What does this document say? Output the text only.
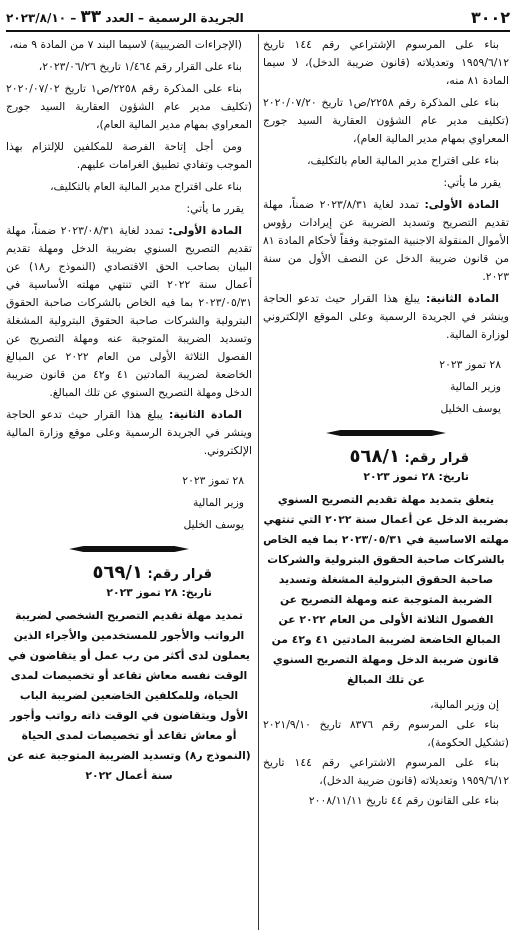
٣٠٠٢
الجريدة الرسمية – العدد ٣٣ – ٢٠٢٣/٨/١٠

بناء على المرسوم الإشتراعي رقم ١٤٤ تاريخ ١٩٥٩/٦/١٢ وتعديلاته (قانون ضريبة الدخل)، لا سيما المادة ٨١ منه،

بناء على المذكرة رقم ٢٢٥٨/ص١ تاريخ ٢٠٢٠/٠٧/٢٠ (تكليف مدير عام الشؤون العقارية السيد جورج المعراوي بمهام مدير المالية العام)،

بناء على اقتراح مدير المالية العام بالتكليف،

يقرر ما يأتي:

المادة الأولى: تمدد لغاية ٢٠٢٣/٨/٣١ ضمناً، مهلة تقديم التصريح وتسديد الضريبة عن إيرادات رؤوس الأموال المنقولة الاجنبية المتوجبة وفقاً لأحكام المادة ٨١ من قانون ضريبة الدخل عن النصف الأول من سنة ٢٠٢٣.

المادة الثانية: يبلغ هذا القرار حيث تدعو الحاجة وينشر في الجريدة الرسمية وعلى الموقع الإلكتروني لوزارة المالية.

٢٨ تموز ٢٠٢٣

وزير المالية

يوسف الخليل

قرار رقم: ٥٦٨/١

تاريخ: ٢٨ تموز ٢٠٢٣

يتعلق بتمديد مهلة تقديم التصريح السنوي بضريبة الدخل عن أعمال سنة ٢٠٢٢ التي تنتهي مهلته الاساسية في ٢٠٢٣/٠٥/٣١ بما فيه الخاص بالشركات صاحبة الحقوق البترولية والشركات صاحبة الحقوق البترولية المشغلة وتسديد الضريبة المتوجبة عنه ومهلة التصريح عن الفصول الثلاثة الأولى من العام ٢٠٢٢ عن المبالغ الخاضعة لضريبة المادتين ٤١ و٤٢ من قانون ضريبة الدخل ومهلة التصريح السنوي عن تلك المبالغ

إن وزير المالية،

بناء على المرسوم رقم ٨٣٧٦ تاريخ ٢٠٢١/٩/١٠ (تشكيل الحكومة)،

بناء على المرسوم الاشتراعي رقم ١٤٤ تاريخ ١٩٥٩/٦/١٢ وتعديلاته (قانون ضريبة الدخل)،

بناء على القانون رقم ٤٤ تاريخ ٢٠٠٨/١١/١١

(الإجراءات الضريبية) لاسيما البند ٧ من المادة ٩ منه،

بناء على القرار رقم ١/٤٦٤ تاريخ ٢٠٢٣/٠٦/٢٦،

بناء على المذكرة رقم ٢٢٥٨/ص١ تاريخ ٢٠٢٠/٠٧/٠٢ (تكليف مدير عام الشؤون العقارية السيد جورج المعراوي بمهام مدير المالية العام)،

ومن أجل إتاحة الفرصة للمكلفين للإلتزام بهذا الموجب وتفادي تطبيق الغرامات عليهم.

بناء على اقتراح مدير المالية العام بالتكليف،

يقرر ما يأتي:

المادة الأولى: تمدد لغاية ٢٠٢٣/٠٨/٣١ ضمناً، مهلة تقديم التصريح السنوي بضريبة الدخل ومهلة تقديم البيان بصاحب الحق الاقتصادي (النموذج ر١٨) عن أعمال سنة ٢٠٢٢ التي تنتهي مهلته الأساسية في ٢٠٢٣/٠٥/٣١ بما فيه الخاص بالشركات صاحبة الحقوق البترولية والشركات صاحبة الحقوق البترولية المشغلة وتسديد الضريبة المتوجبة عنه ومهلة التصريح عن الفصول الثلاثة الأولى من العام ٢٠٢٢ عن المبالغ الخاضعة لضريبة المادتين ٤١ و٤٢ من قانون ضريبة الدخل ومهلة التصريح السنوي عن تلك المبالغ.

المادة الثانية: يبلغ هذا القرار حيث تدعو الحاجة وينشر في الجريدة الرسمية وعلى موقع وزارة المالية الإلكتروني.

٢٨ تموز ٢٠٢٣

وزير المالية

يوسف الخليل

قرار رقم: ٥٦٩/١

تاريخ: ٢٨ تموز ٢٠٢٣

تمديد مهلة تقديم التصريح الشخصي لضريبة الرواتب والأجور للمستخدمين والأجراء الذين يعملون لدى أكثر من رب عمل أو يتقاضون في الوقت نفسه معاش تقاعد أو تخصيصات لمدى الحياة، وللمكلفين الخاضعين لضريبة الباب الأول ويتقاضون في الوقت ذاته رواتب وأجور أو معاش تقاعد أو تخصيصات لمدى الحياة (النموذج ر٨) وتسديد الضريبة المتوجبة عنه عن سنة أعمال ٢٠٢٢
